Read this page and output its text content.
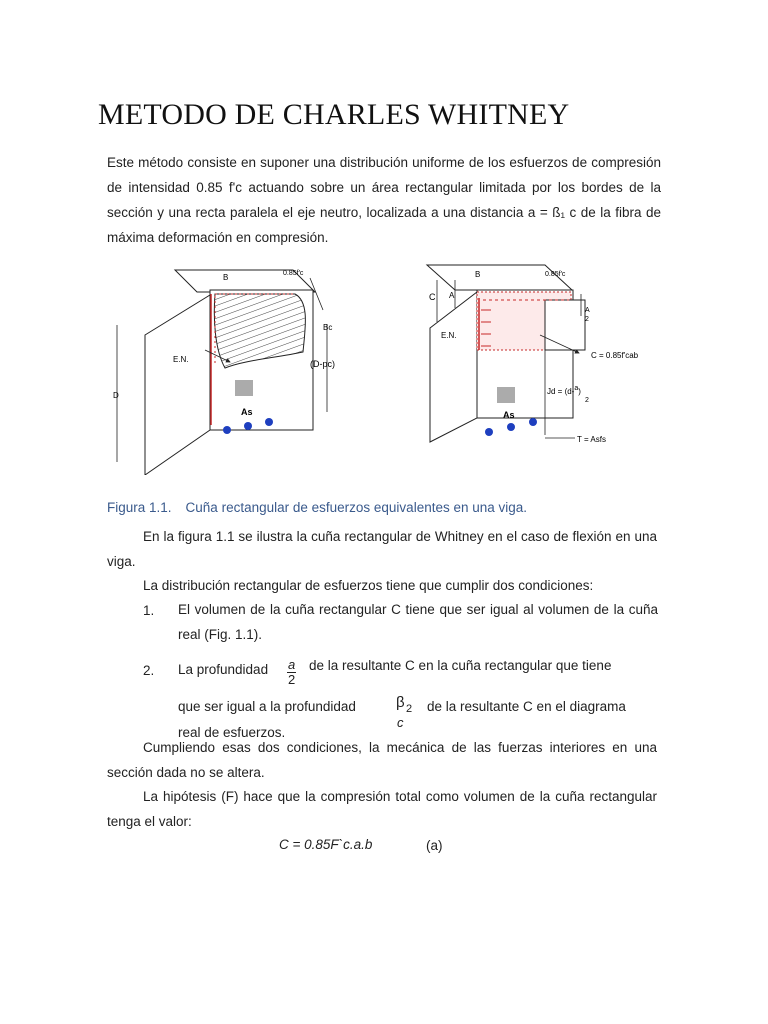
METODO DE CHARLES WHITNEY
Este método consiste en suponer una distribución uniforme de los esfuerzos de compresión de intensidad 0.85 f'c actuando sobre un área rectangular limitada por los bordes de la sección y una recta paralela el eje neutro, localizada a una distancia a = ß₁ c de la fibra de máxima deformación en compresión.
B	0.85f'c
Bc
E.N.	(D-pc)
D
As
B	0.85f'c
C A
A
2
E.N.
C = 0.85f'cab
Jd = (d-a)
2
As
T = Asfs
Figura 1.1. Cuña rectangular de esfuerzos equivalentes en una viga.
En la figura 1.1 se ilustra la cuña rectangular de Whitney en el caso de flexión en una viga.
La distribución rectangular de esfuerzos tiene que cumplir dos condiciones:
1. El volumen de la cuña rectangular C tiene que ser igual al volumen de la cuña real (Fig. 1.1).
2. La profundidad $\frac{a}{2}$ de la resultante C en la cuña rectangular que tiene
que ser igual a la profundidad	β 2
c
de la resultante C en el diagrama
real de esfuerzos.
Cumpliendo esas dos condiciones, la mecánica de las fuerzas interiores en una sección dada no se altera.
La hipótesis (F) hace que la compresión total como volumen de la cuña rectangular tenga el valor:
C = 0.85F`c.a.b	(a)
